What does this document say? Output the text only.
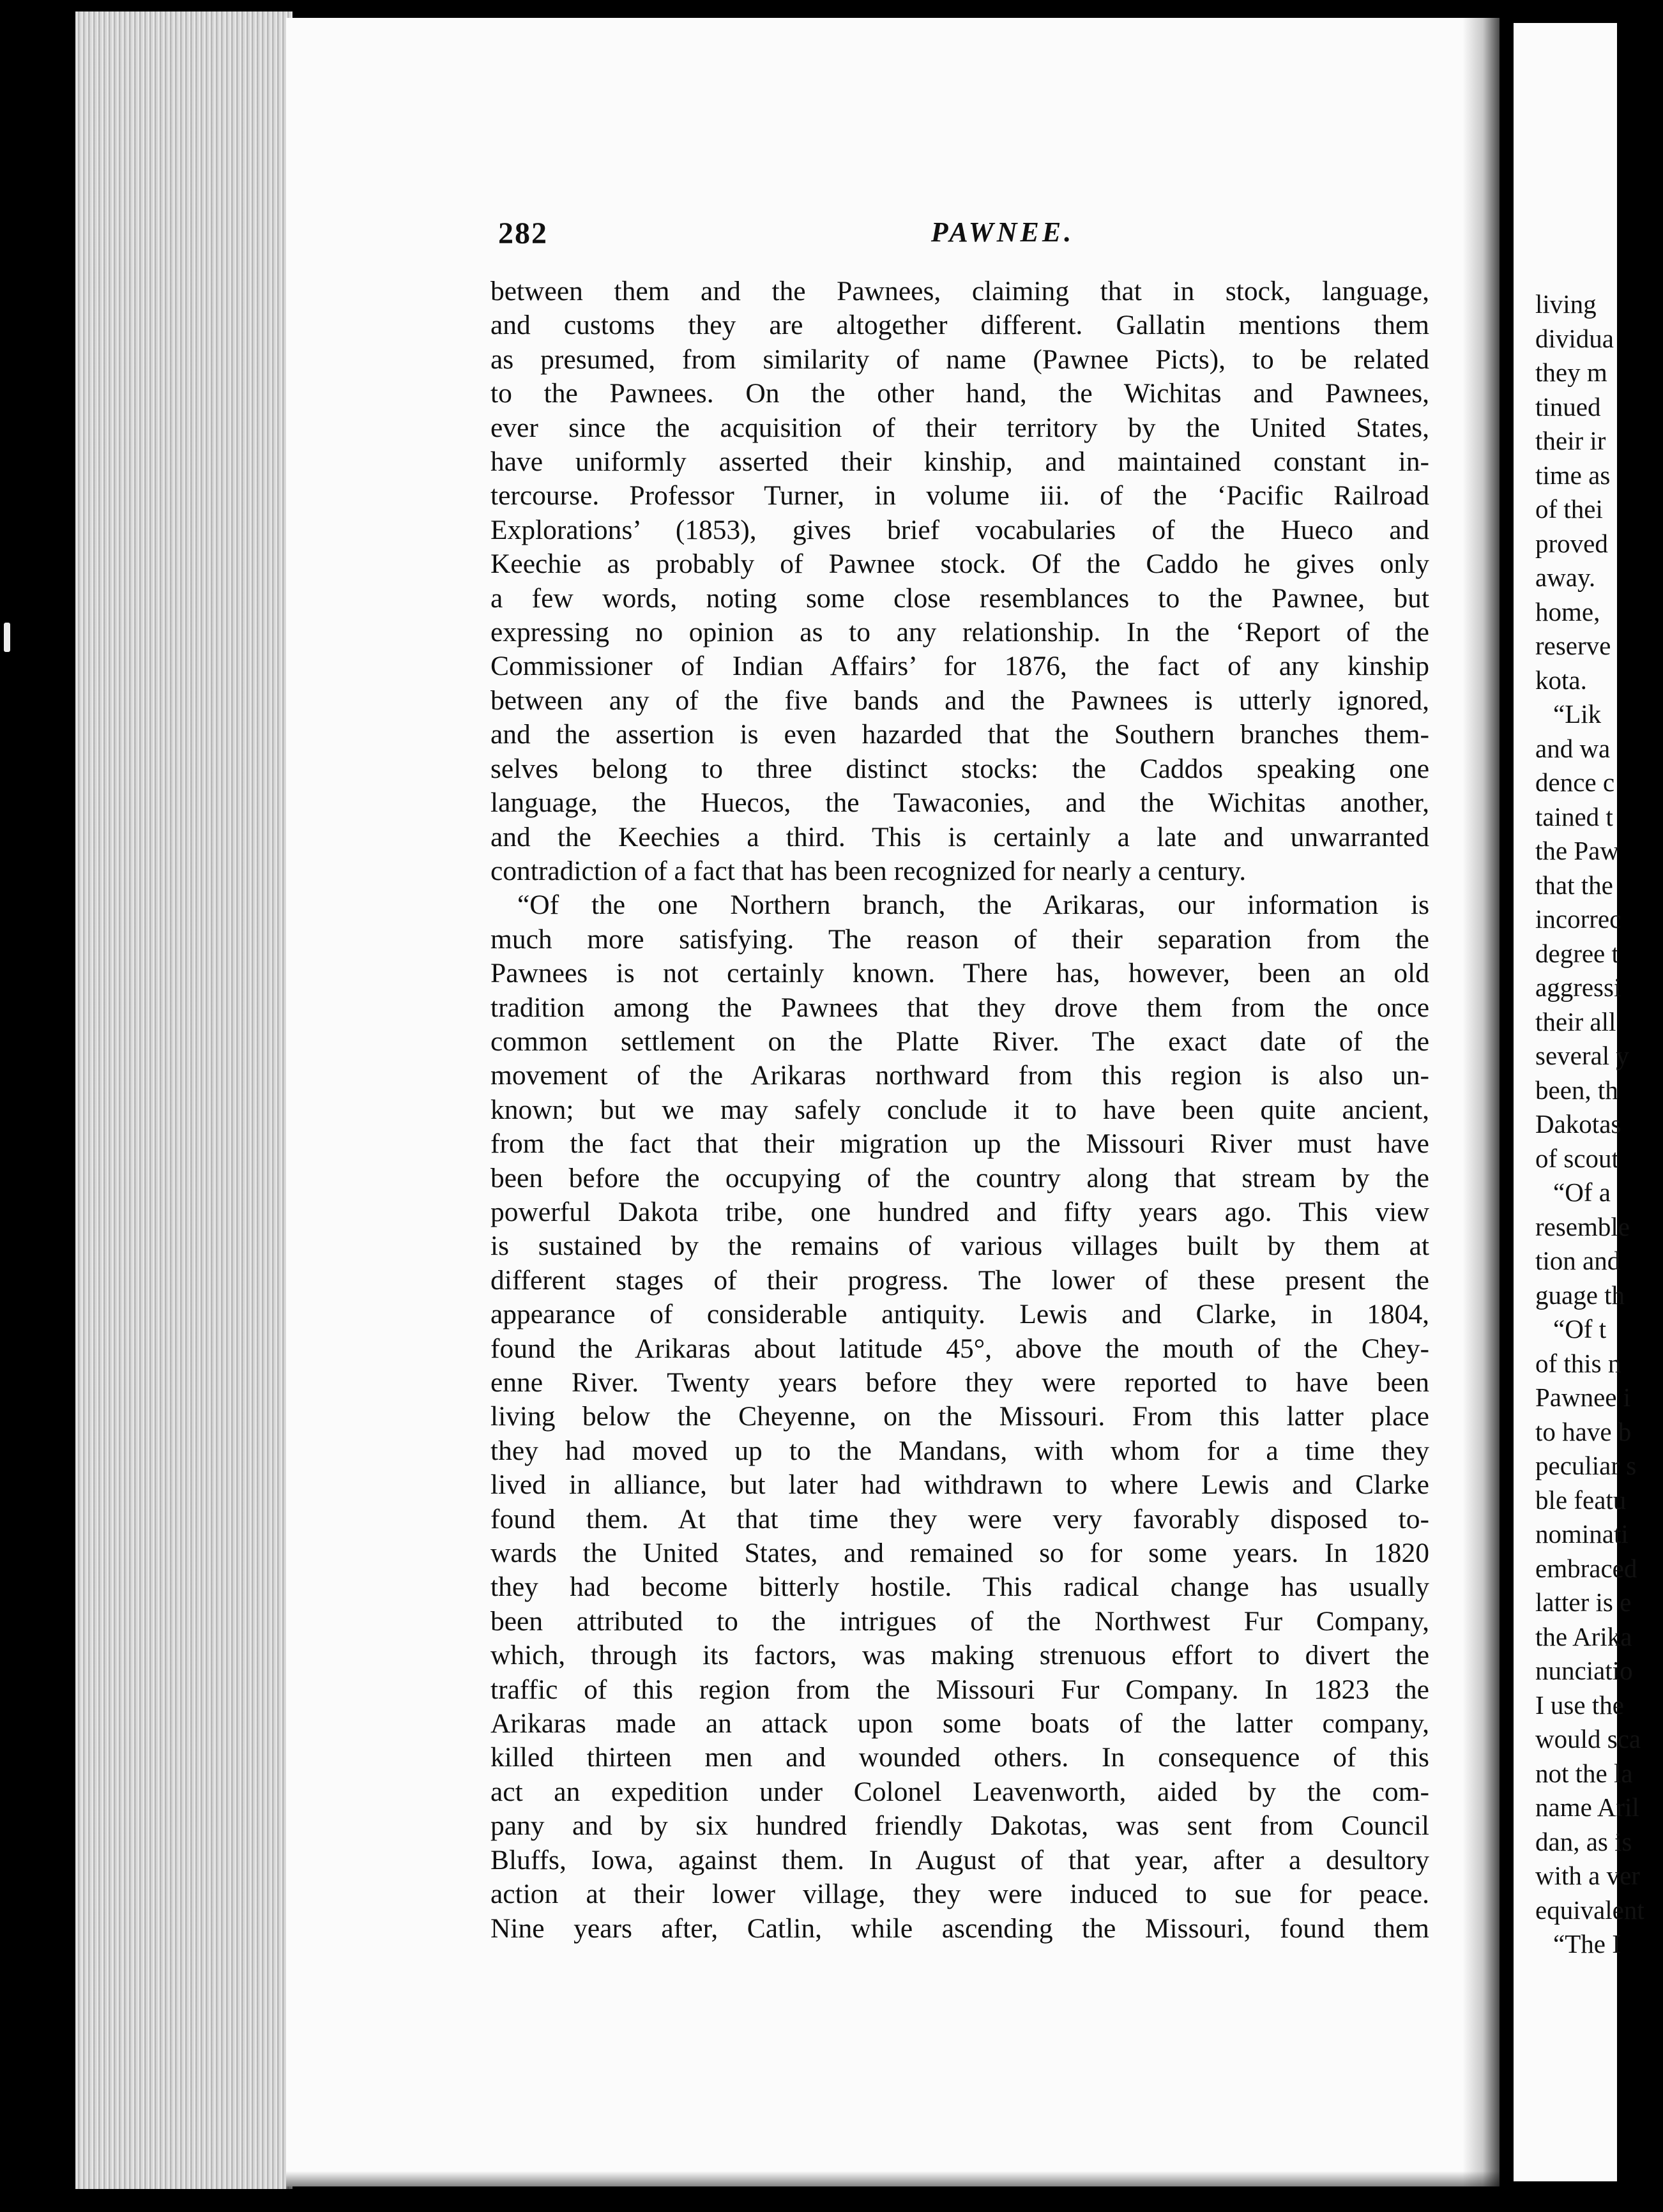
282	PAWNEE.
between them and the Pawnees, claiming that in stock, language,
and customs they are altogether different. Gallatin mentions them
as presumed, from similarity of name (Pawnee Picts), to be related
to the Pawnees. On the other hand, the Wichitas and Pawnees,
ever since the acquisition of their territory by the United States,
have uniformly asserted their kinship, and maintained constant in-
tercourse. Professor Turner, in volume iii. of the ‘Pacific Railroad
Explorations’ (1853), gives brief vocabularies of the Hueco and
Keechie as probably of Pawnee stock. Of the Caddo he gives only
a few words, noting some close resemblances to the Pawnee, but
expressing no opinion as to any relationship. In the ‘Report of the
Commissioner of Indian Affairs’ for 1876, the fact of any kinship
between any of the five bands and the Pawnees is utterly ignored,
and the assertion is even hazarded that the Southern branches them-
selves belong to three distinct stocks: the Caddos speaking one
language, the Huecos, the Tawaconies, and the Wichitas another,
and the Keechies a third. This is certainly a late and unwarranted
contradiction of a fact that has been recognized for nearly a century.
“Of the one Northern branch, the Arikaras, our information is
much more satisfying. The reason of their separation from the
Pawnees is not certainly known. There has, however, been an old
tradition among the Pawnees that they drove them from the once
common settlement on the Platte River. The exact date of the
movement of the Arikaras northward from this region is also un-
known; but we may safely conclude it to have been quite ancient,
from the fact that their migration up the Missouri River must have
been before the occupying of the country along that stream by the
powerful Dakota tribe, one hundred and fifty years ago. This view
is sustained by the remains of various villages built by them at
different stages of their progress. The lower of these present the
appearance of considerable antiquity. Lewis and Clarke, in 1804,
found the Arikaras about latitude 45°, above the mouth of the Chey-
enne River. Twenty years before they were reported to have been
living below the Cheyenne, on the Missouri. From this latter place
they had moved up to the Mandans, with whom for a time they
lived in alliance, but later had withdrawn to where Lewis and Clarke
found them. At that time they were very favorably disposed to-
wards the United States, and remained so for some years. In 1820
they had become bitterly hostile. This radical change has usually
been attributed to the intrigues of the Northwest Fur Company,
which, through its factors, was making strenuous effort to divert the
traffic of this region from the Missouri Fur Company. In 1823 the
Arikaras made an attack upon some boats of the latter company,
killed thirteen men and wounded others. In consequence of this
act an expedition under Colonel Leavenworth, aided by the com-
pany and by six hundred friendly Dakotas, was sent from Council
Bluffs, Iowa, against them. In August of that year, after a desultory
action at their lower village, they were induced to sue for peace.
Nine years after, Catlin, while ascending the Missouri, found them
living
dividua
they m
tinued
their ir
time as
of thei
proved
away.
home,
reserve
kota.
“Lik
and wa
dence c
tained t
the Paw
that the
incorrec
degree t
aggressi
their all
several y
been, th
Dakotas
of scout
“Of a
resemble
tion and
guage th
“Of t
of this n
Pawnee i
to have b
peculiar s
ble featu
nominati
embraced
latter is e
the Arika
nunciatio
I use the
would sca
not the la
name Aril
dan, as is
with a ver
equivalent
“The I
